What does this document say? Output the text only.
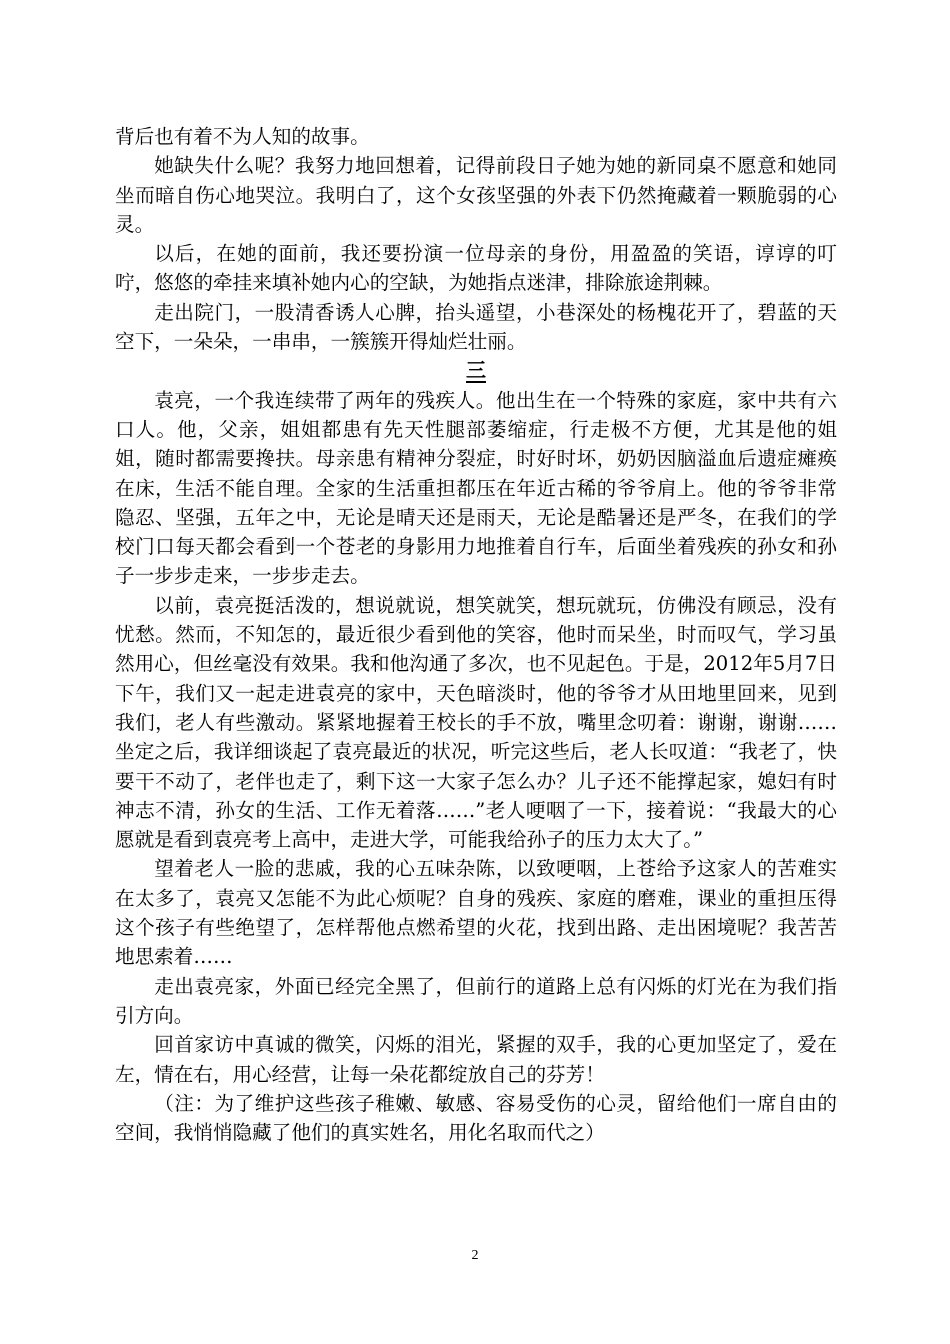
背后也有着不为人知的故事。

她缺失什么呢？我努力地回想着，记得前段日子她为她的新同桌不愿意和她同坐而暗自伤心地哭泣。我明白了，这个女孩坚强的外表下仍然掩藏着一颗脆弱的心灵。

以后，在她的面前，我还要扮演一位母亲的身份，用盈盈的笑语，谆谆的叮咛，悠悠的牵挂来填补她内心的空缺，为她指点迷津，排除旅途荆棘。

走出院门，一股清香诱人心脾，抬头遥望，小巷深处的杨槐花开了，碧蓝的天空下，一朵朵，一串串，一簇簇开得灿烂壮丽。

三

袁亮，一个我连续带了两年的残疾人。他出生在一个特殊的家庭，家中共有六口人。他，父亲，姐姐都患有先天性腿部萎缩症，行走极不方便，尤其是他的姐姐，随时都需要搀扶。母亲患有精神分裂症，时好时坏，奶奶因脑溢血后遗症瘫痪在床，生活不能自理。全家的生活重担都压在年近古稀的爷爷肩上。他的爷爷非常隐忍、坚强，五年之中，无论是晴天还是雨天，无论是酷暑还是严冬，在我们的学校门口每天都会看到一个苍老的身影用力地推着自行车，后面坐着残疾的孙女和孙子一步步走来，一步步走去。

以前，袁亮挺活泼的，想说就说，想笑就笑，想玩就玩，仿佛没有顾忌，没有忧愁。然而，不知怎的，最近很少看到他的笑容，他时而呆坐，时而叹气，学习虽然用心，但丝毫没有效果。我和他沟通了多次，也不见起色。于是，2012年5月7日下午，我们又一起走进袁亮的家中，天色暗淡时，他的爷爷才从田地里回来，见到我们，老人有些激动。紧紧地握着王校长的手不放，嘴里念叨着：谢谢，谢谢……坐定之后，我详细谈起了袁亮最近的状况，听完这些后，老人长叹道：“我老了，快要干不动了，老伴也走了，剩下这一大家子怎么办？儿子还不能撑起家，媳妇有时神志不清，孙女的生活、工作无着落……”老人哽咽了一下，接着说：“我最大的心愿就是看到袁亮考上高中，走进大学，可能我给孙子的压力太大了。”

望着老人一脸的悲戚，我的心五味杂陈，以致哽咽，上苍给予这家人的苦难实在太多了，袁亮又怎能不为此心烦呢？自身的残疾、家庭的磨难，课业的重担压得这个孩子有些绝望了，怎样帮他点燃希望的火花，找到出路、走出困境呢？我苦苦地思索着……

走出袁亮家，外面已经完全黑了，但前行的道路上总有闪烁的灯光在为我们指引方向。

回首家访中真诚的微笑，闪烁的泪光，紧握的双手，我的心更加坚定了，爱在左，情在右，用心经营，让每一朵花都绽放自己的芬芳！

（注：为了维护这些孩子稚嫩、敏感、容易受伤的心灵，留给他们一席自由的空间，我悄悄隐藏了他们的真实姓名，用化名取而代之）

2
